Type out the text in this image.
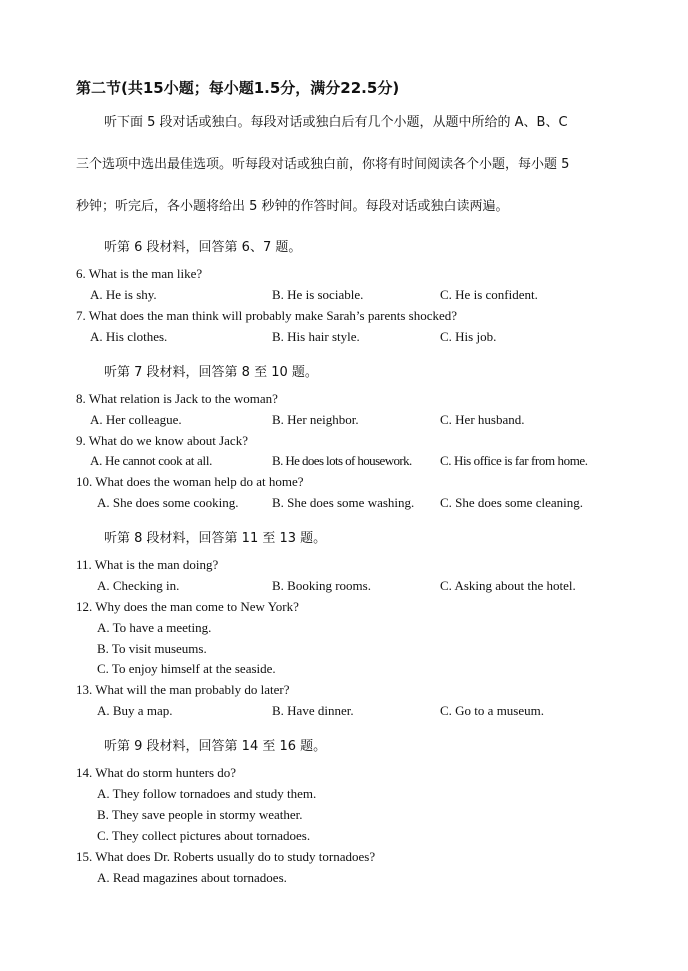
第二节(共15小题；每小题1.5分，满分22.5分)
听下面 5 段对话或独白。每段对话或独白后有几个小题，从题中所给的 A、B、C
三个选项中选出最佳选项。听每段对话或独白前，你将有时间阅读各个小题，每小题 5
秒钟；听完后，各小题将给出 5 秒钟的作答时间。每段对话或独白读两遍。
听第 6 段材料，回答第 6、7 题。
6. What is the man like?
A. He is shy.	B. He is sociable.	C. He is confident.
7. What does the man think will probably make Sarah’s parents shocked?
A. His clothes.	B. His hair style.	C. His job.
听第 7 段材料，回答第 8 至 10 题。
8. What relation is Jack to the woman?
A. Her colleague.	B. Her neighbor.	C. Her husband.
9. What do we know about Jack?
A. He cannot cook at all.	B. He does lots of housework. C. His office is far from home.
10. What does the woman help do at home?
A. She does some cooking.	B. She does some washing. C. She does some cleaning.
听第 8 段材料，回答第 11 至 13 题。
11. What is the man doing?
A. Checking in.	B. Booking rooms.	C. Asking about the hotel.
12. Why does the man come to New York?
A. To have a meeting.
B. To visit museums.
C. To enjoy himself at the seaside.
13. What will the man probably do later?
A. Buy a map.	B. Have dinner.	C. Go to a museum.
听第 9 段材料，回答第 14 至 16 题。
14. What do storm hunters do?
A. They follow tornadoes and study them.
B. They save people in stormy weather.
C. They collect pictures about tornadoes.
15. What does Dr. Roberts usually do to study tornadoes?
A. Read magazines about tornadoes.
